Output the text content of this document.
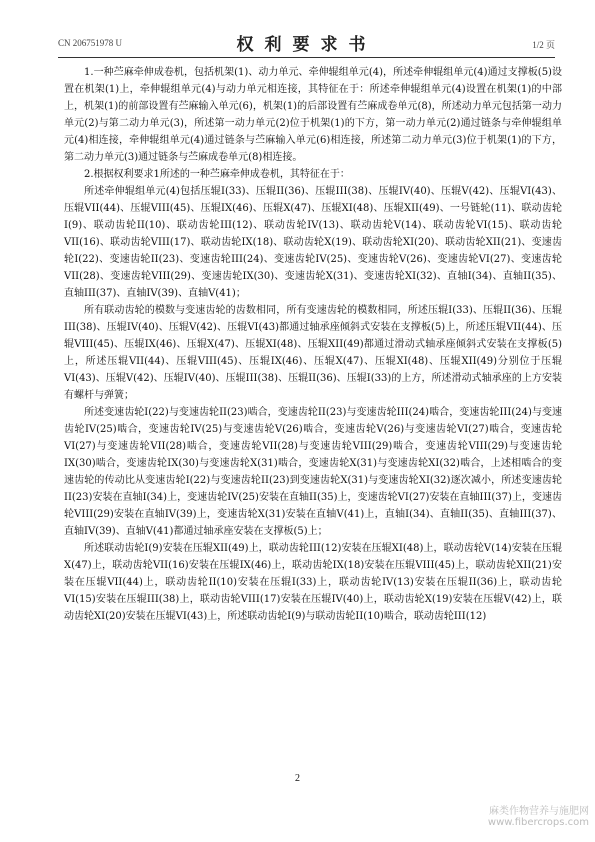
CN 206751978 U	权利要求书	1/2 页

1.一种苎麻牵伸成卷机，包括机架(1)、动力单元、牵伸辊组单元(4)，所述牵伸辊组单元(4)通过支撑板(5)设置在机架(1)上，牵伸辊组单元(4)与动力单元相连接，其特征在于：所述牵伸辊组单元(4)设置在机架(1)的中部上，机架(1)的前部设置有苎麻输入单元(6)，机架(1)的后部设置有苎麻成卷单元(8)，所述动力单元包括第一动力单元(2)与第二动力单元(3)，所述第一动力单元(2)位于机架(1)的下方，第一动力单元(2)通过链条与牵伸辊组单元(4)相连接，牵伸辊组单元(4)通过链条与苎麻输入单元(6)相连接，所述第二动力单元(3)位于机架(1)的下方，第二动力单元(3)通过链条与苎麻成卷单元(8)相连接。

2.根据权利要求1所述的一种苎麻牵伸成卷机，其特征在于：

所述牵伸辊组单元(4)包括压辊I(33)、压辊II(36)、压辊III(38)、压辊IV(40)、压辊V(42)、压辊VI(43)、压辊VII(44)、压辊VIII(45)、压辊IX(46)、压辊X(47)、压辊XI(48)、压辊XII(49)、一号链轮(11)、联动齿轮I(9)、联动齿轮II(10)、联动齿轮III(12)、联动齿轮IV(13)、联动齿轮V(14)、联动齿轮VI(15)、联动齿轮VII(16)、联动齿轮VIII(17)、联动齿轮IX(18)、联动齿轮X(19)、联动齿轮XI(20)、联动齿轮XII(21)、变速齿轮I(22)、变速齿轮II(23)、变速齿轮III(24)、变速齿轮IV(25)、变速齿轮V(26)、变速齿轮VI(27)、变速齿轮VII(28)、变速齿轮VIII(29)、变速齿轮IX(30)、变速齿轮X(31)、变速齿轮XI(32)、直轴I(34)、直轴II(35)、直轴III(37)、直轴IV(39)、直轴V(41)；

所有联动齿轮的模数与变速齿轮的齿数相同，所有变速齿轮的模数相同，所述压辊I(33)、压辊II(36)、压辊III(38)、压辊IV(40)、压辊V(42)、压辊VI(43)都通过轴承座倾斜式安装在支撑板(5)上，所述压辊VII(44)、压辊VIII(45)、压辊IX(46)、压辊X(47)、压辊XI(48)、压辊XII(49)都通过滑动式轴承座倾斜式安装在支撑板(5)上，所述压辊VII(44)、压辊VIII(45)、压辊IX(46)、压辊X(47)、压辊XI(48)、压辊XII(49)分别位于压辊VI(43)、压辊V(42)、压辊IV(40)、压辊III(38)、压辊II(36)、压辊I(33)的上方，所述滑动式轴承座的上方安装有螺杆与弹簧；

所述变速齿轮I(22)与变速齿轮II(23)啮合，变速齿轮II(23)与变速齿轮III(24)啮合，变速齿轮III(24)与变速齿轮IV(25)啮合，变速齿轮IV(25)与变速齿轮V(26)啮合，变速齿轮V(26)与变速齿轮VI(27)啮合，变速齿轮VI(27)与变速齿轮VII(28)啮合，变速齿轮VII(28)与变速齿轮VIII(29)啮合，变速齿轮VIII(29)与变速齿轮IX(30)啮合，变速齿轮IX(30)与变速齿轮X(31)啮合，变速齿轮X(31)与变速齿轮XI(32)啮合，上述相啮合的变速齿轮的传动比从变速齿轮I(22)与变速齿轮II(23)到变速齿轮X(31)与变速齿轮XI(32)逐次减小，所述变速齿轮II(23)安装在直轴I(34)上，变速齿轮IV(25)安装在直轴II(35)上，变速齿轮VI(27)安装在直轴III(37)上，变速齿轮VIII(29)安装在直轴IV(39)上，变速齿轮X(31)安装在直轴V(41)上，直轴I(34)、直轴II(35)、直轴III(37)、直轴IV(39)、直轴V(41)都通过轴承座安装在支撑板(5)上；

所述联动齿轮I(9)安装在压辊XII(49)上，联动齿轮III(12)安装在压辊XI(48)上，联动齿轮V(14)安装在压辊X(47)上，联动齿轮VII(16)安装在压辊IX(46)上，联动齿轮IX(18)安装在压辊VIII(45)上，联动齿轮XII(21)安装在压辊VII(44)上，联动齿轮II(10)安装在压辊I(33)上，联动齿轮IV(13)安装在压辊II(36)上，联动齿轮VI(15)安装在压辊III(38)上，联动齿轮VIII(17)安装在压辊IV(40)上，联动齿轮X(19)安装在压辊V(42)上，联动齿轮XI(20)安装在压辊VI(43)上，所述联动齿轮I(9)与联动齿轮II(10)啮合，联动齿轮III(12)

2
麻类作物营养与施肥网
www.fibercrops.com
